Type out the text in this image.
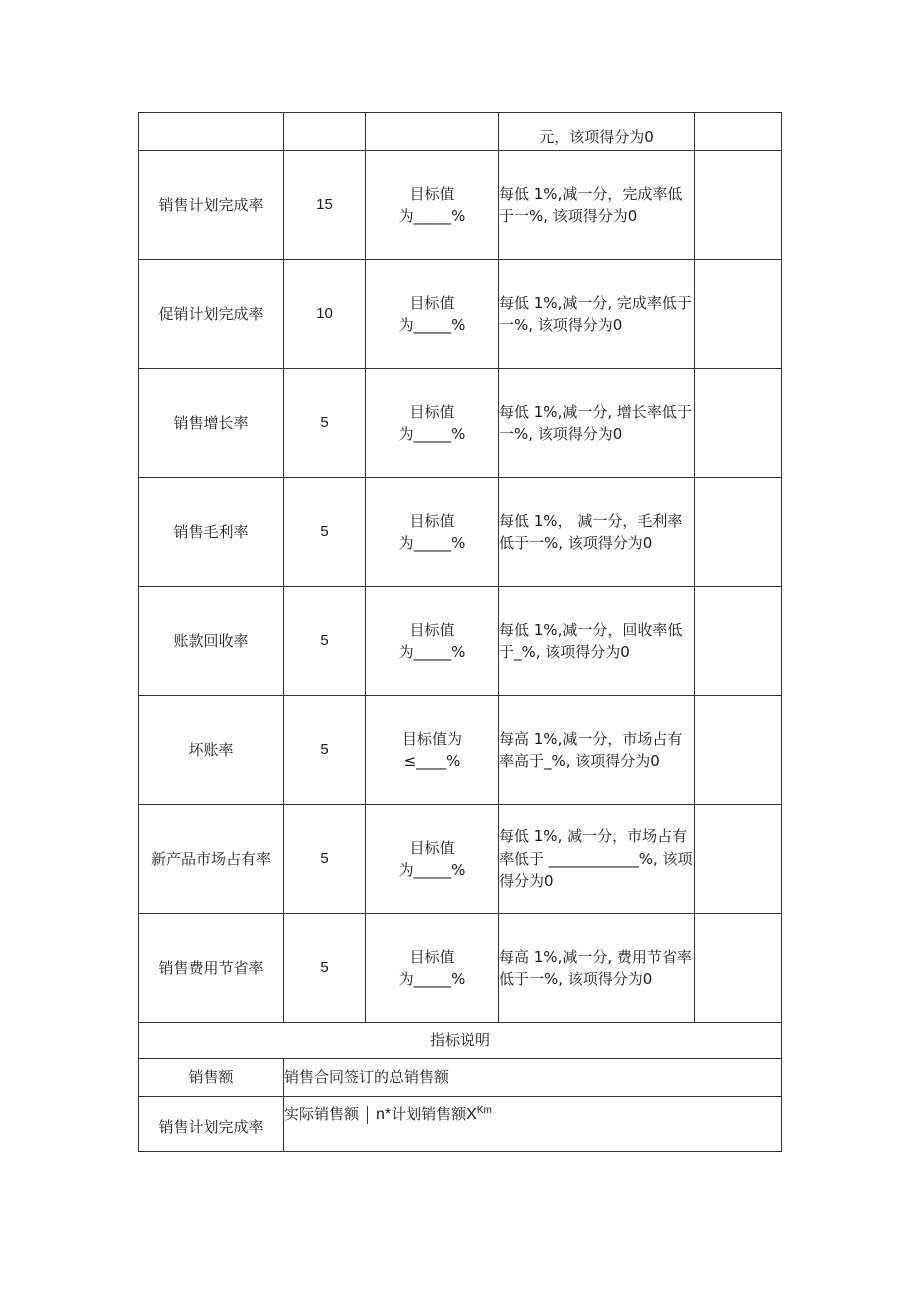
			元，该项得分为0	
销售计划完成率	15	目标值
为_____%	每低 1%,减一分，完成率低于一%, 该项得分为0	
促销计划完成率	10	目标值
为_____%	每低 1%,减一分, 完成率低于一%, 该项得分为0	
销售增长率	5	目标值
为_____%	每低 1%,减一分, 增长率低于一%, 该项得分为0	
销售毛利率	5	目标值
为_____%	每低 1%， 减一分，毛利率低于一%, 该项得分为0	
账款回收率	5	目标值
为_____%	每低 1%,减一分，回收率低于_%, 该项得分为0	
坏账率	5	目标值为
≤____%	每高 1%,减一分，市场占有率高于_%, 该项得分为0	
新产品市场占有率	5	目标值
为_____%	每低 1%, 减一分，市场占有率低于 ____________%, 该项得分为0	
销售费用节省率	5	目标值
为_____%	每高 1%,减一分, 费用节省率低于一%, 该项得分为0	
指标说明				
销售额	销售合同签订的总销售额			
销售计划完成率	实际销售额 n*计划销售额$X^{Km}$
